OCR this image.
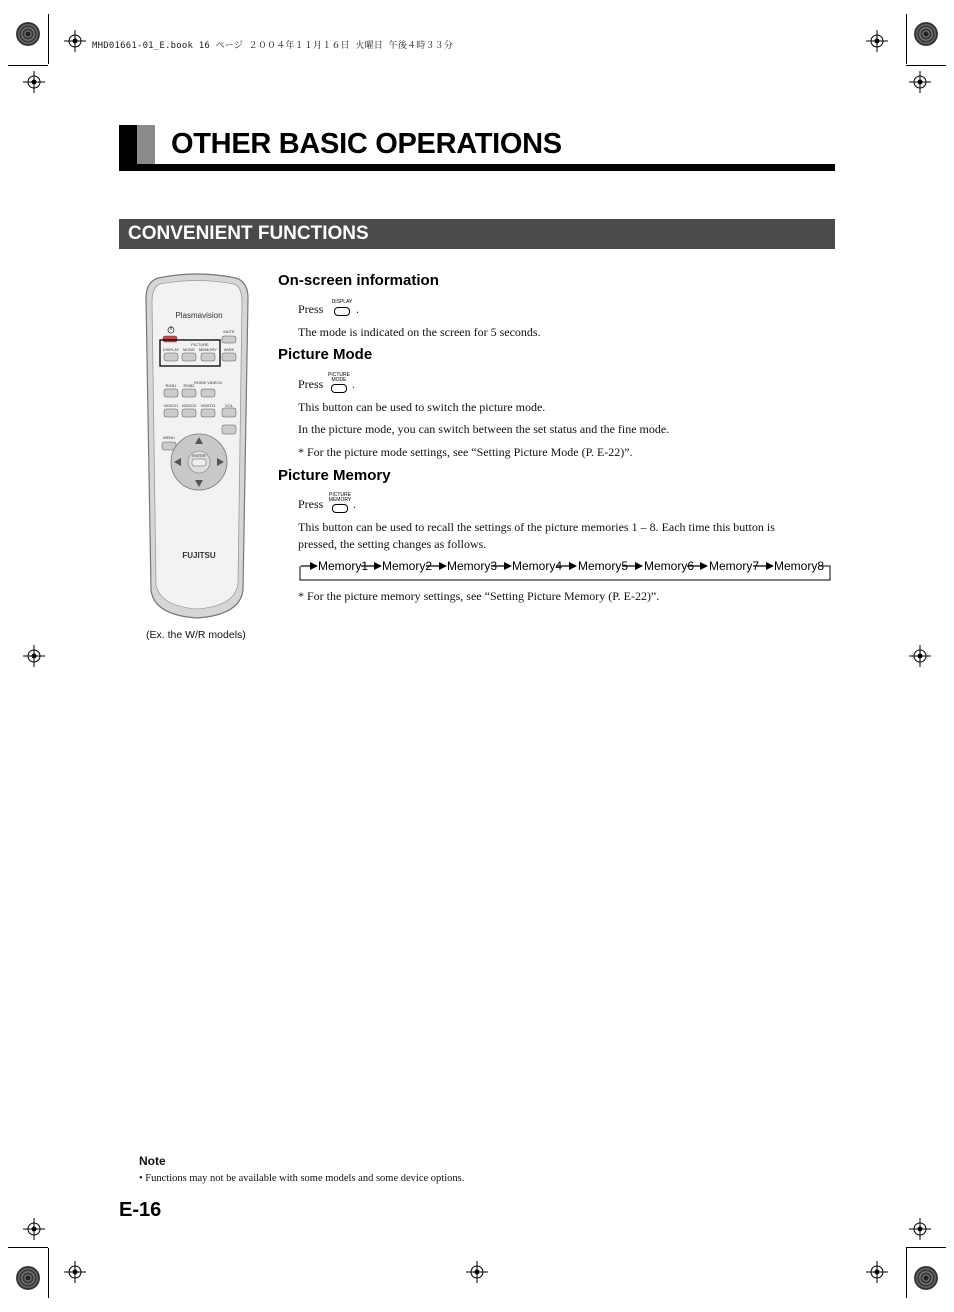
MHD01661-01_E.book 16 ページ ２００４年１１月１６日 火曜日 午後４時３３分
OTHER BASIC OPERATIONS
CONVENIENT FUNCTIONS
Plasmavision
MUTE
PICTURE
DISPLAY MODE MEMORY WIDE
RGB1 RGB2
RGB3/ VIDEO4
VIDEO1 VIDEO2 VIDEO3 VOL
MENU
ENTER
FUJITSU
(Ex. the W/R models)
On-screen information
Press	DISPLAY .
The mode is indicated on the screen for 5 seconds.
Picture Mode
Press
PICTURE
MODE .
This button can be used to switch the picture mode.
In the picture mode, you can switch between the set status and the fine mode.
* For the picture mode settings, see “Setting Picture Mode (P. E-22)”.
Picture Memory
Press
PICTURE
MEMORY .
This button can be used to recall the settings of the picture memories 1 – 8. Each time this button is
pressed, the setting changes as follows.
Memory1 Memory2 Memory3 Memory4 Memory5 Memory6 Memory7 Memory8
* For the picture memory settings, see “Setting Picture Memory (P. E-22)”.
Note
• Functions may not be available with some models and some device options.
E-16
